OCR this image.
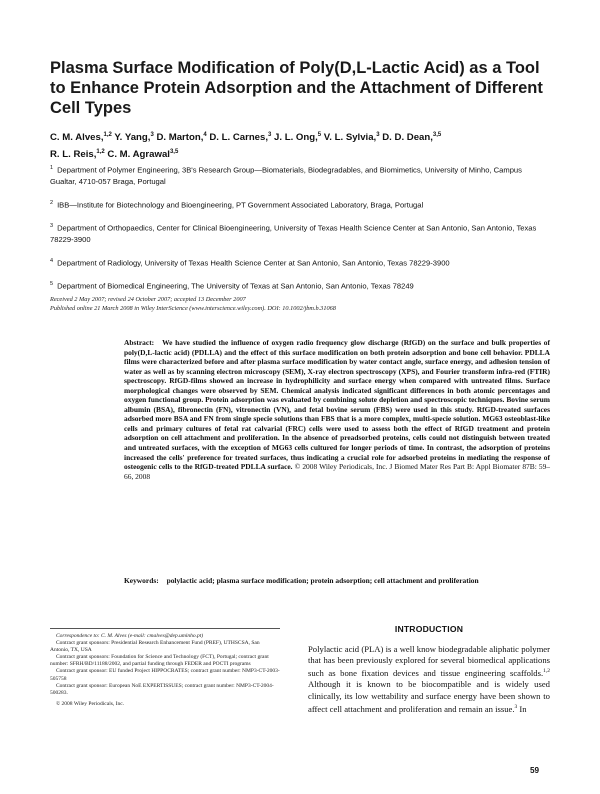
Plasma Surface Modification of Poly(D,L-Lactic Acid) as a Tool to Enhance Protein Adsorption and the Attachment of Different Cell Types
C. M. Alves,$^{1,2}$ Y. Yang,$^3$ D. Marton,$^4$ D. L. Carnes,$^3$ J. L. Ong,$^5$ V. L. Sylvia,$^3$ D. D. Dean,$^{3,5}$
R. L. Reis,$^{1,2}$ C. M. Agrawal$^{3,5}$
$^1$ Department of Polymer Engineering, 3B's Research Group—Biomaterials, Biodegradables, and Biomimetics, University of Minho, Campus Gualtar, 4710-057 Braga, Portugal
$^2$ IBB—Institute for Biotechnology and Bioengineering, PT Government Associated Laboratory, Braga, Portugal
$^3$ Department of Orthopaedics, Center for Clinical Bioengineering, University of Texas Health Science Center at San Antonio, San Antonio, Texas 78229-3900
$^4$ Department of Radiology, University of Texas Health Science Center at San Antonio, San Antonio, Texas 78229-3900
$^5$ Department of Biomedical Engineering, The University of Texas at San Antonio, San Antonio, Texas 78249
Received 2 May 2007; revised 24 October 2007; accepted 13 December 2007
Published online 21 March 2008 in Wiley InterScience (www.interscience.wiley.com). DOI: 10.1002/jbm.b.31068
Abstract: We have studied the influence of oxygen radio frequency glow discharge (RfGD) on the surface and bulk properties of poly(D,L-lactic acid) (PDLLA) and the effect of this surface modification on both protein adsorption and bone cell behavior. PDLLA films were characterized before and after plasma surface modification by water contact angle, surface energy, and adhesion tension of water as well as by scanning electron microscopy (SEM), X-ray electron spectroscopy (XPS), and Fourier transform infra-red (FTIR) spectroscopy. RfGD-films showed an increase in hydrophilicity and surface energy when compared with untreated films. Surface morphological changes were observed by SEM. Chemical analysis indicated significant differences in both atomic percentages and oxygen functional group. Protein adsorption was evaluated by combining solute depletion and spectroscopic techniques. Bovine serum albumin (BSA), fibronectin (FN), vitronectin (VN), and fetal bovine serum (FBS) were used in this study. RfGD-treated surfaces adsorbed more BSA and FN from single specie solutions than FBS that is a more complex, multi-specie solution. MG63 osteoblast-like cells and primary cultures of fetal rat calvarial (FRC) cells were used to assess both the effect of RfGD treatment and protein adsorption on cell attachment and proliferation. In the absence of preadsorbed proteins, cells could not distinguish between treated and untreated surfaces, with the exception of MG63 cells cultured for longer periods of time. In contrast, the adsorption of proteins increased the cells' preference for treated surfaces, thus indicating a crucial role for adsorbed proteins in mediating the response of osteogenic cells to the RfGD-treated PDLLA surface. © 2008 Wiley Periodicals, Inc. J Biomed Mater Res Part B: Appl Biomater 87B: 59–66, 2008
Keywords: polylactic acid; plasma surface modification; protein adsorption; cell attachment and proliferation
Correspondence to: C. M. Alves (e-mail: cmalves@dep.uminho.pt)
Contract grant sponsors: Presidential Research Enhancement Fund (PREF), UTHSCSA, San Antonio, TX, USA
Contract grant sponsors: Foundation for Science and Technology (FCT), Portugal; contract grant number: SFRH/BD/11188/2002, and partial funding through FEDER and POCTI programs
Contract grant sponsor: EU funded Project HIPPOCRATES; contract grant number: NMP3-CT-2003-505758
Contract grant sponsor: European NoE EXPERTISSUES; contract grant number: NMP3-CT-2004-500283.
© 2008 Wiley Periodicals, Inc.
INTRODUCTION
Polylactic acid (PLA) is a well know biodegradable aliphatic polymer that has been previously explored for several biomedical applications such as bone fixation devices and tissue engineering scaffolds.$^{1,2}$ Although it is known to be biocompatible and is widely used clinically, its low wettability and surface energy have been shown to affect cell attachment and proliferation and remain an issue.$^3$ In
59
